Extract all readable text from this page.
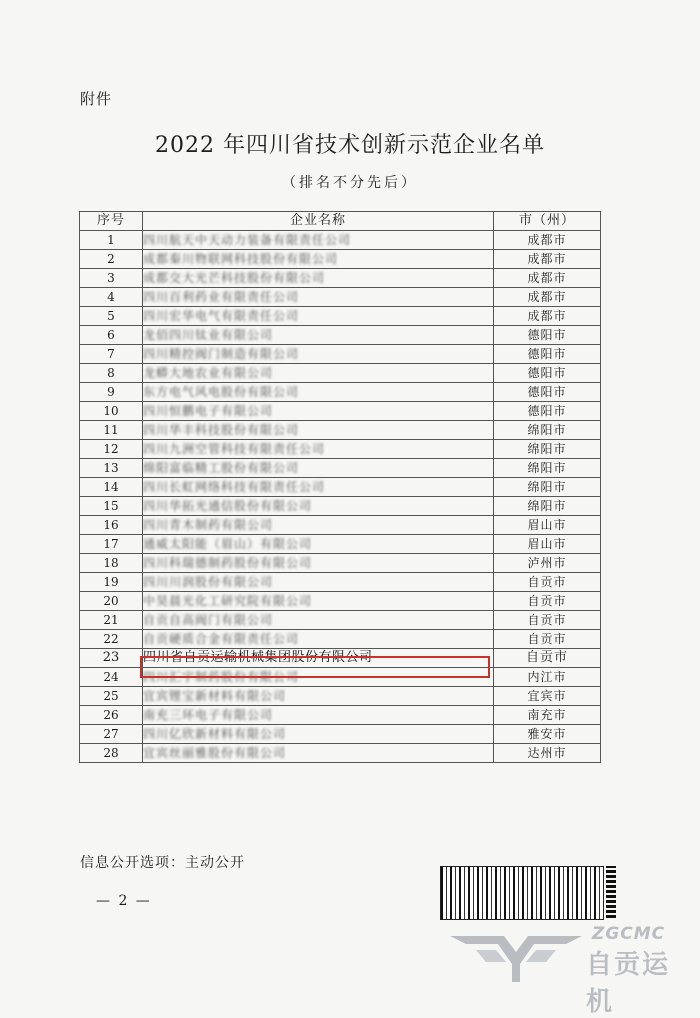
附件
2022 年四川省技术创新示范企业名单
（排名不分先后）
序号	企业名称	市（州）
1	四川航天中天动力装备有限责任公司	成都市
2	成都秦川物联网科技股份有限公司	成都市
3	成都交大光芒科技股份有限公司	成都市
4	四川百利药业有限责任公司	成都市
5	四川宏华电气有限责任公司	成都市
6	龙佰四川钛业有限公司	德阳市
7	四川精控阀门制造有限公司	德阳市
8	龙蟒大地农业有限公司	德阳市
9	东方电气风电股份有限公司	德阳市
10	四川恒鹏电子有限公司	德阳市
11	四川华丰科技股份有限公司	绵阳市
12	四川九洲空管科技有限责任公司	绵阳市
13	绵阳富临精工股份有限公司	绵阳市
14	四川长虹网络科技有限责任公司	绵阳市
15	四川华拓光通信股份有限公司	绵阳市
16	四川青木制药有限公司	眉山市
17	通威太阳能（眉山）有限公司	眉山市
18	四川科瑞德制药股份有限公司	泸州市
19	四川川润股份有限公司	自贡市
20	中昊晨光化工研究院有限公司	自贡市
21	自贡自高阀门有限公司	自贡市
22	自贡硬质合金有限责任公司	自贡市
23	四川省自贡运输机械集团股份有限公司	自贡市
24	四川汇宇制药股份有限公司	内江市
25	宜宾锂宝新材料有限公司	宜宾市
26	南充三环电子有限公司	南充市
27	四川亿欣新材料有限公司	雅安市
28	宜宾丝丽雅股份有限公司	达州市
信息公开选项：主动公开
— 2 —
ZGCMC
自贡运机
